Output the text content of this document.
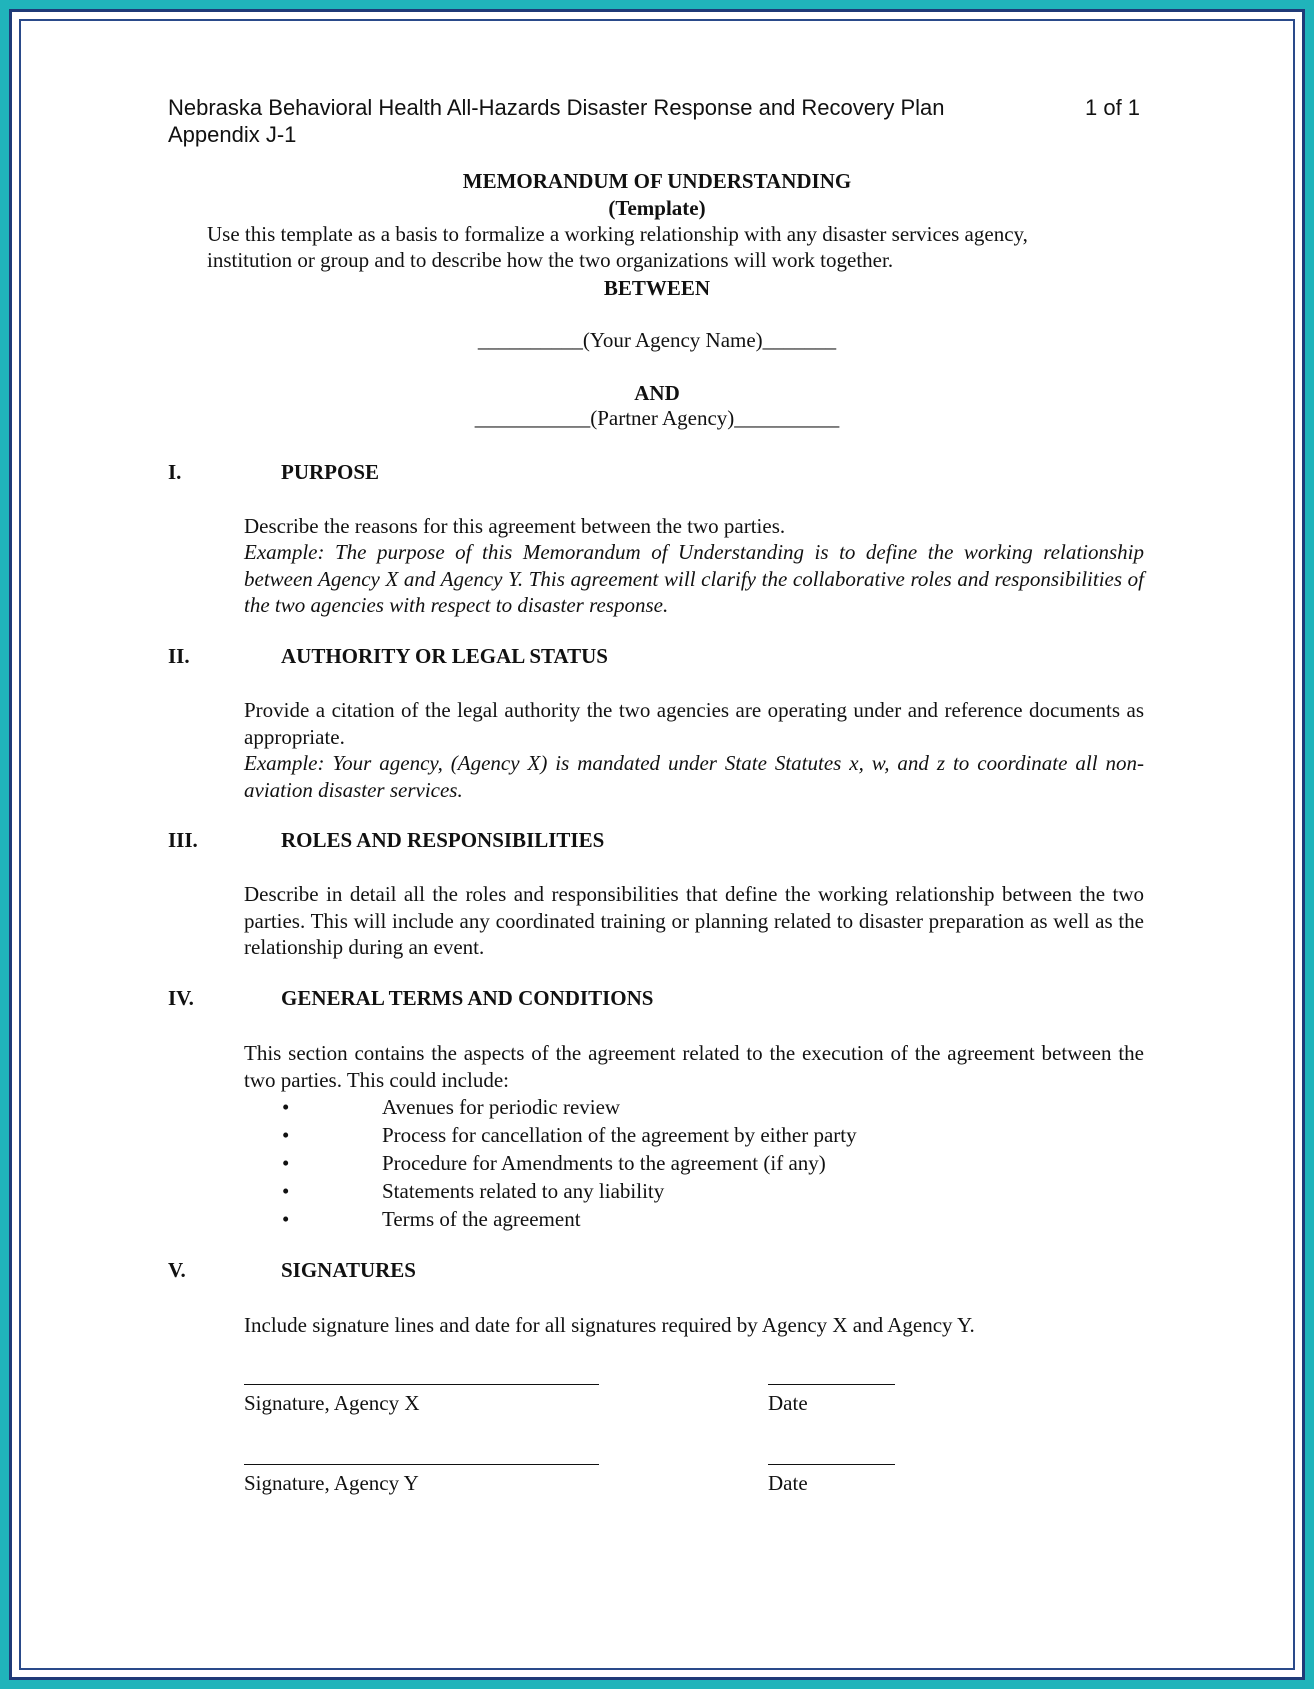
Nebraska Behavioral Health All-Hazards Disaster Response and Recovery Plan	1 of 1
Appendix J-1
MEMORANDUM OF UNDERSTANDING
(Template)
Use this template as a basis to formalize a working relationship with any disaster services agency,
institution or group and to describe how the two organizations will work together.
BETWEEN
__________(Your Agency Name)_______
AND
___________(Partner Agency)__________
I.	PURPOSE
Describe the reasons for this agreement between the two parties.
Example: The purpose of this Memorandum of Understanding is to define the working relationship between Agency X and Agency Y. This agreement will clarify the collaborative roles and responsibilities of the two agencies with respect to disaster response.
II.	AUTHORITY OR LEGAL STATUS
Provide a citation of the legal authority the two agencies are operating under and reference documents as appropriate.
Example: Your agency, (Agency X) is mandated under State Statutes x, w, and z to coordinate all non-aviation disaster services.
III.	ROLES AND RESPONSIBILITIES
Describe in detail all the roles and responsibilities that define the working relationship between the two parties. This will include any coordinated training or planning related to disaster preparation as well as the relationship during an event.
IV.	GENERAL TERMS AND CONDITIONS
This section contains the aspects of the agreement related to the execution of the agreement between the two parties. This could include:
•	Avenues for periodic review
•	Process for cancellation of the agreement by either party
•	Procedure for Amendments to the agreement (if any)
•	Statements related to any liability
•	Terms of the agreement
V.	SIGNATURES
Include signature lines and date for all signatures required by Agency X and Agency Y.
Signature, Agency X	Date
Signature, Agency Y	Date
